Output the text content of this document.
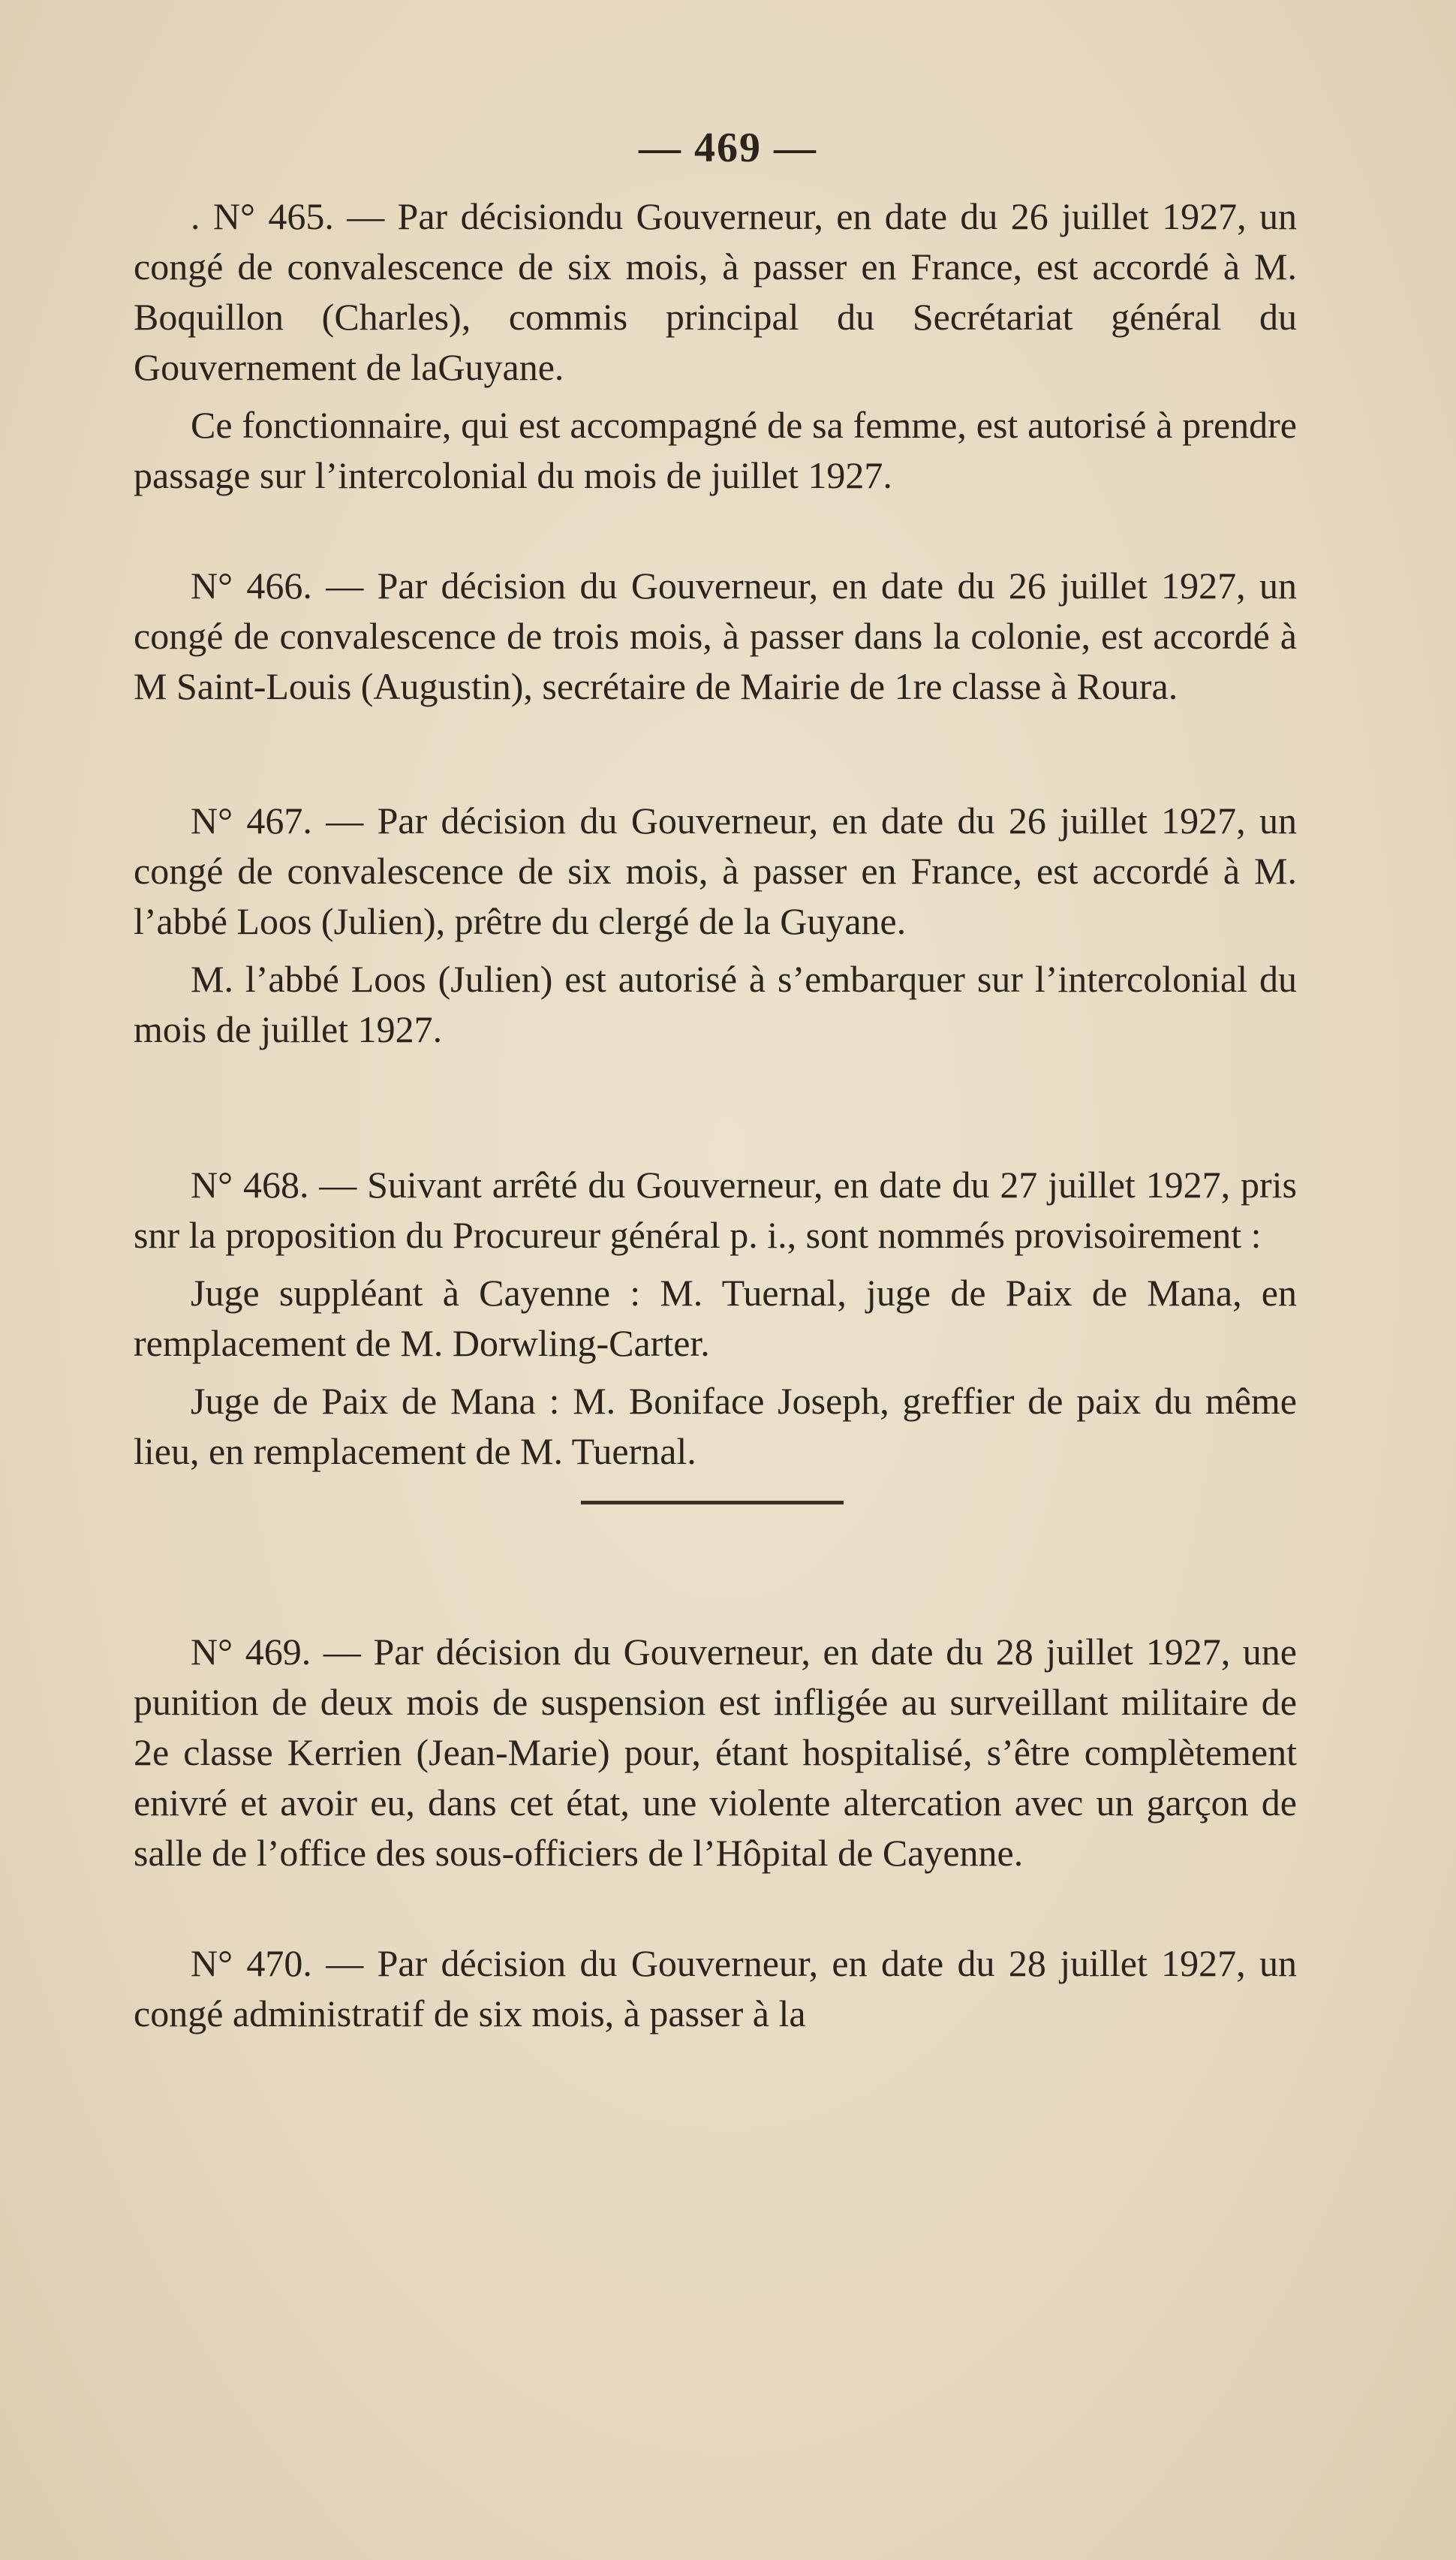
— 469 —

. N° 465. — Par décisiondu Gouverneur, en date du 26 juillet 1927, un congé de convalescence de six mois, à passer en France, est accordé à M. Boquillon (Charles), commis principal du Secrétariat général du Gouvernement de laGuyane.

Ce fonctionnaire, qui est accompagné de sa femme, est autorisé à prendre passage sur l’intercolonial du mois de juillet 1927.

N° 466. — Par décision du Gouverneur, en date du 26 juillet 1927, un congé de convalescence de trois mois, à passer dans la colonie, est accordé à M Saint-Louis (Augustin), secrétaire de Mairie de 1re classe à Roura.

N° 467. — Par décision du Gouverneur, en date du 26 juillet 1927, un congé de convalescence de six mois, à passer en France, est accordé à M. l’abbé Loos (Julien), prêtre du clergé de la Guyane.

M. l’abbé Loos (Julien) est autorisé à s’embarquer sur l’intercolonial du mois de juillet 1927.

N° 468. — Suivant arrêté du Gouverneur, en date du 27 juillet 1927, pris snr la proposition du Procureur général p. i., sont nommés provisoirement :

Juge suppléant à Cayenne : M. Tuernal, juge de Paix de Mana, en remplacement de M. Dorwling-Carter.

Juge de Paix de Mana : M. Boniface Joseph, greffier de paix du même lieu, en remplacement de M. Tuernal.

N° 469. — Par décision du Gouverneur, en date du 28 juillet 1927, une punition de deux mois de suspension est infligée au surveillant militaire de 2e classe Kerrien (Jean-Marie) pour, étant hospitalisé, s’être complètement enivré et avoir eu, dans cet état, une violente altercation avec un garçon de salle de l’office des sous-officiers de l’Hôpital de Cayenne.

N° 470. — Par décision du Gouverneur, en date du 28 juillet 1927, un congé administratif de six mois, à passer à la
